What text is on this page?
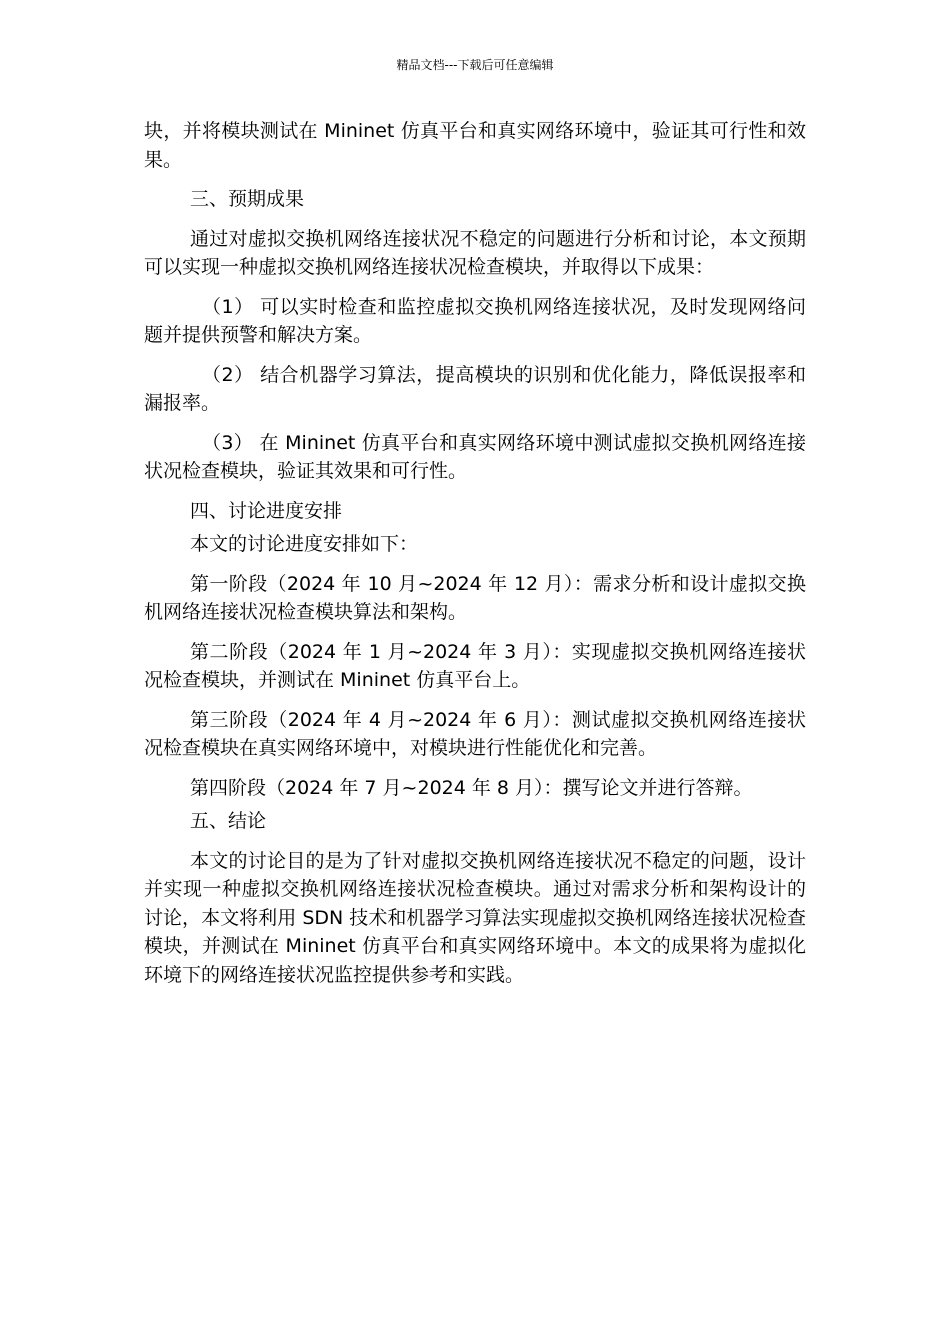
精品文档---下载后可任意编辑

块，并将模块测试在 Mininet 仿真平台和真实网络环境中，验证其可行性和效果。

三、预期成果

通过对虚拟交换机网络连接状况不稳定的问题进行分析和讨论，本文预期可以实现一种虚拟交换机网络连接状况检查模块，并取得以下成果：

（1） 可以实时检查和监控虚拟交换机网络连接状况，及时发现网络问题并提供预警和解决方案。

（2） 结合机器学习算法，提高模块的识别和优化能力，降低误报率和漏报率。

（3） 在 Mininet 仿真平台和真实网络环境中测试虚拟交换机网络连接状况检查模块，验证其效果和可行性。

四、讨论进度安排

本文的讨论进度安排如下：

第一阶段（2024 年 10 月~2024 年 12 月）：需求分析和设计虚拟交换机网络连接状况检查模块算法和架构。

第二阶段（2024 年 1 月~2024 年 3 月）：实现虚拟交换机网络连接状况检查模块，并测试在 Mininet 仿真平台上。

第三阶段（2024 年 4 月~2024 年 6 月）：测试虚拟交换机网络连接状况检查模块在真实网络环境中，对模块进行性能优化和完善。

第四阶段（2024 年 7 月~2024 年 8 月）：撰写论文并进行答辩。

五、结论

本文的讨论目的是为了针对虚拟交换机网络连接状况不稳定的问题，设计并实现一种虚拟交换机网络连接状况检查模块。通过对需求分析和架构设计的讨论，本文将利用 SDN 技术和机器学习算法实现虚拟交换机网络连接状况检查模块，并测试在 Mininet 仿真平台和真实网络环境中。本文的成果将为虚拟化环境下的网络连接状况监控提供参考和实践。
